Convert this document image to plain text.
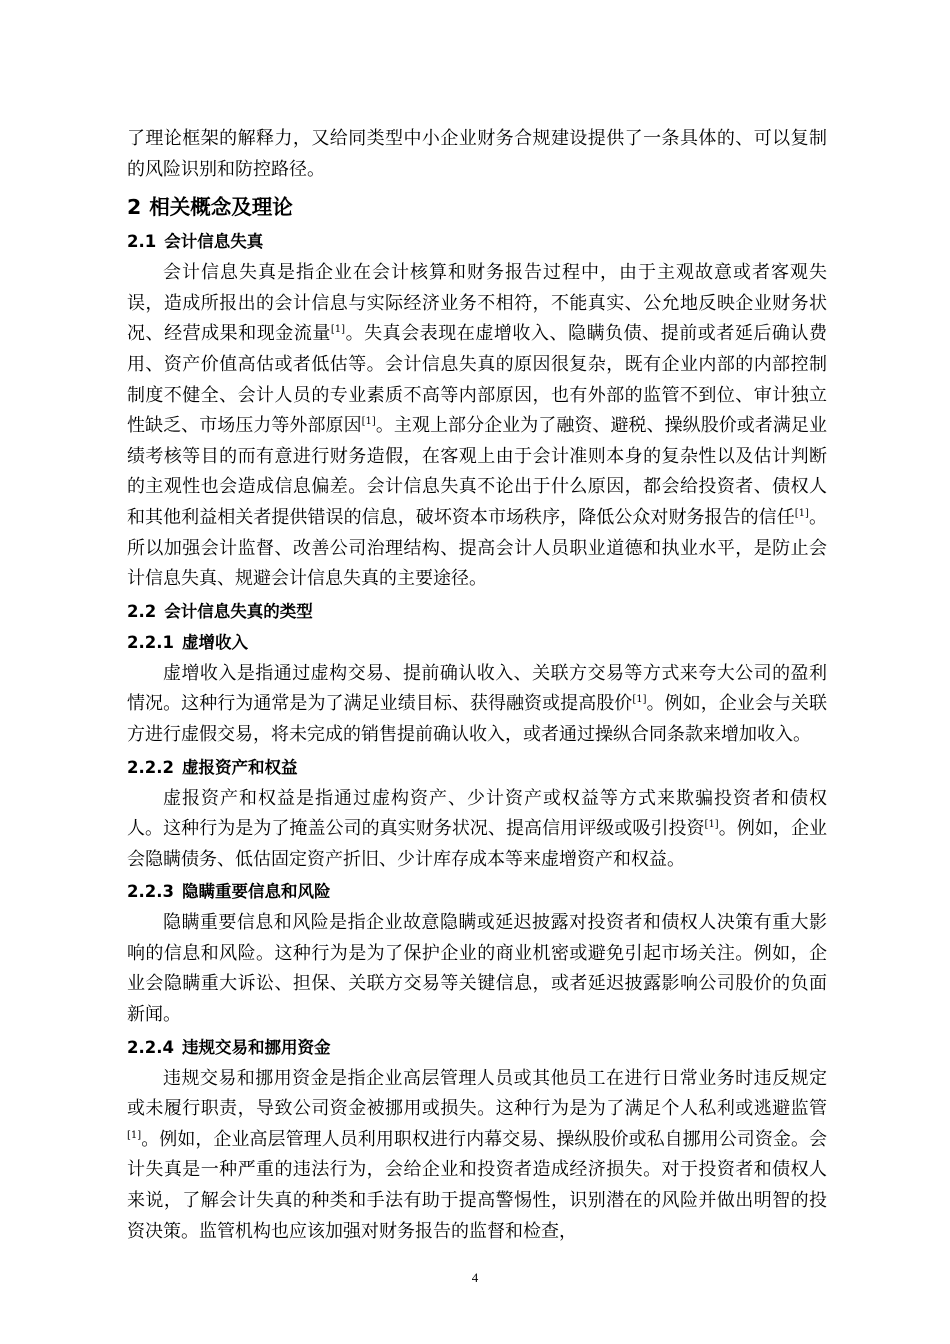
了理论框架的解释力，又给同类型中小企业财务合规建设提供了一条具体的、可以复制的风险识别和防控路径。

2 相关概念及理论
2.1 会计信息失真

会计信息失真是指企业在会计核算和财务报告过程中，由于主观故意或者客观失误，造成所报出的会计信息与实际经济业务不相符，不能真实、公允地反映企业财务状况、经营成果和现金流量[1]。失真会表现在虚增收入、隐瞒负债、提前或者延后确认费用、资产价值高估或者低估等。会计信息失真的原因很复杂，既有企业内部的内部控制制度不健全、会计人员的专业素质不高等内部原因，也有外部的监管不到位、审计独立性缺乏、市场压力等外部原因[1]。主观上部分企业为了融资、避税、操纵股价或者满足业绩考核等目的而有意进行财务造假，在客观上由于会计准则本身的复杂性以及估计判断的主观性也会造成信息偏差。会计信息失真不论出于什么原因，都会给投资者、债权人和其他利益相关者提供错误的信息，破坏资本市场秩序，降低公众对财务报告的信任[1]。所以加强会计监督、改善公司治理结构、提高会计人员职业道德和执业水平，是防止会计信息失真、规避会计信息失真的主要途径。

2.2 会计信息失真的类型
2.2.1 虚增收入

虚增收入是指通过虚构交易、提前确认收入、关联方交易等方式来夸大公司的盈利情况。这种行为通常是为了满足业绩目标、获得融资或提高股价[1]。例如，企业会与关联方进行虚假交易，将未完成的销售提前确认收入，或者通过操纵合同条款来增加收入。

2.2.2 虚报资产和权益

虚报资产和权益是指通过虚构资产、少计资产或权益等方式来欺骗投资者和债权人。这种行为是为了掩盖公司的真实财务状况、提高信用评级或吸引投资[1]。例如，企业会隐瞒债务、低估固定资产折旧、少计库存成本等来虚增资产和权益。

2.2.3 隐瞒重要信息和风险

隐瞒重要信息和风险是指企业故意隐瞒或延迟披露对投资者和债权人决策有重大影响的信息和风险。这种行为是为了保护企业的商业机密或避免引起市场关注。例如，企业会隐瞒重大诉讼、担保、关联方交易等关键信息，或者延迟披露影响公司股价的负面新闻。

2.2.4 违规交易和挪用资金

违规交易和挪用资金是指企业高层管理人员或其他员工在进行日常业务时违反规定或未履行职责，导致公司资金被挪用或损失。这种行为是为了满足个人私利或逃避监管[1]。例如，企业高层管理人员利用职权进行内幕交易、操纵股价或私自挪用公司资金。会计失真是一种严重的违法行为，会给企业和投资者造成经济损失。对于投资者和债权人来说，了解会计失真的种类和手法有助于提高警惕性，识别潜在的风险并做出明智的投资决策。监管机构也应该加强对财务报告的监督和检查，

4
